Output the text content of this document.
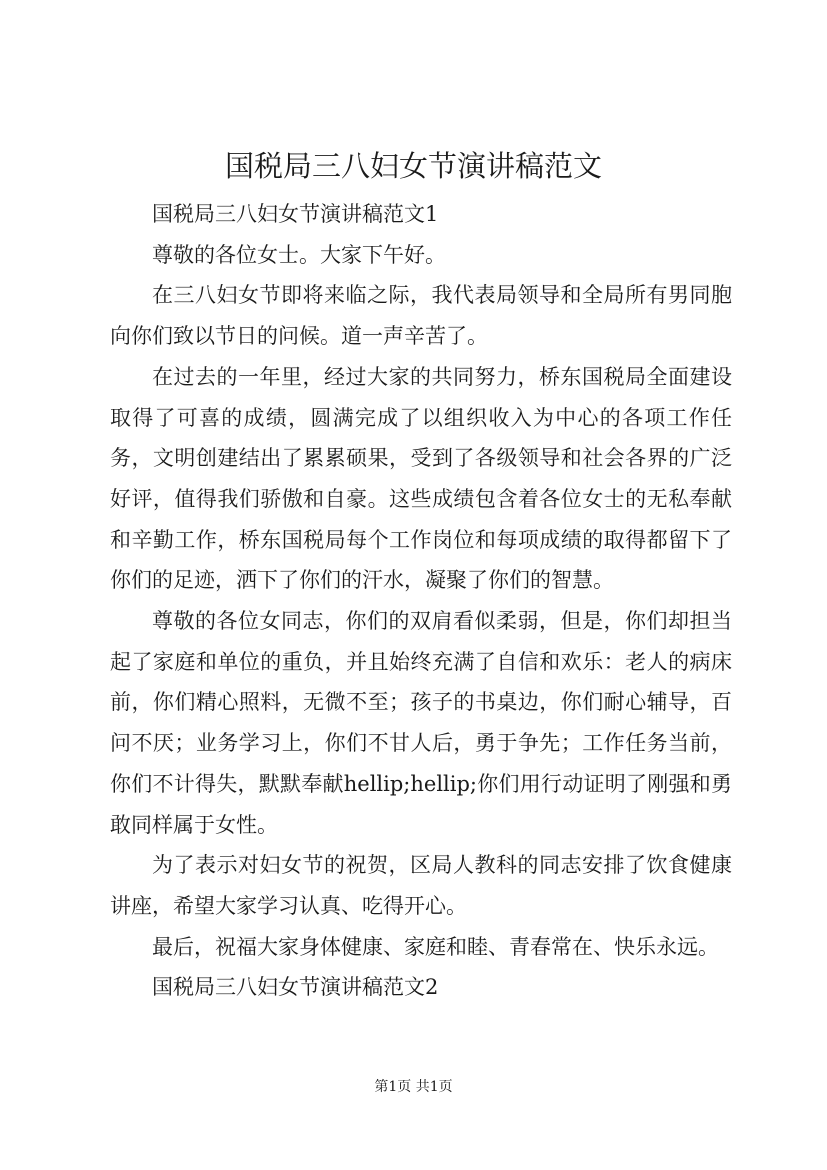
国税局三八妇女节演讲稿范文

国税局三八妇女节演讲稿范文1

尊敬的各位女士。大家下午好。

在三八妇女节即将来临之际，我代表局领导和全局所有男同胞向你们致以节日的问候。道一声辛苦了。

在过去的一年里，经过大家的共同努力，桥东国税局全面建设取得了可喜的成绩，圆满完成了以组织收入为中心的各项工作任务，文明创建结出了累累硕果，受到了各级领导和社会各界的广泛好评，值得我们骄傲和自豪。这些成绩包含着各位女士的无私奉献和辛勤工作，桥东国税局每个工作岗位和每项成绩的取得都留下了你们的足迹，洒下了你们的汗水，凝聚了你们的智慧。

尊敬的各位女同志，你们的双肩看似柔弱，但是，你们却担当起了家庭和单位的重负，并且始终充满了自信和欢乐：老人的病床前，你们精心照料，无微不至；孩子的书桌边，你们耐心辅导，百问不厌；业务学习上，你们不甘人后，勇于争先；工作任务当前，你们不计得失，默默奉献hellip;hellip;你们用行动证明了刚强和勇敢同样属于女性。

为了表示对妇女节的祝贺，区局人教科的同志安排了饮食健康讲座，希望大家学习认真、吃得开心。

最后，祝福大家身体健康、家庭和睦、青春常在、快乐永远。

国税局三八妇女节演讲稿范文2

第1页 共1页
